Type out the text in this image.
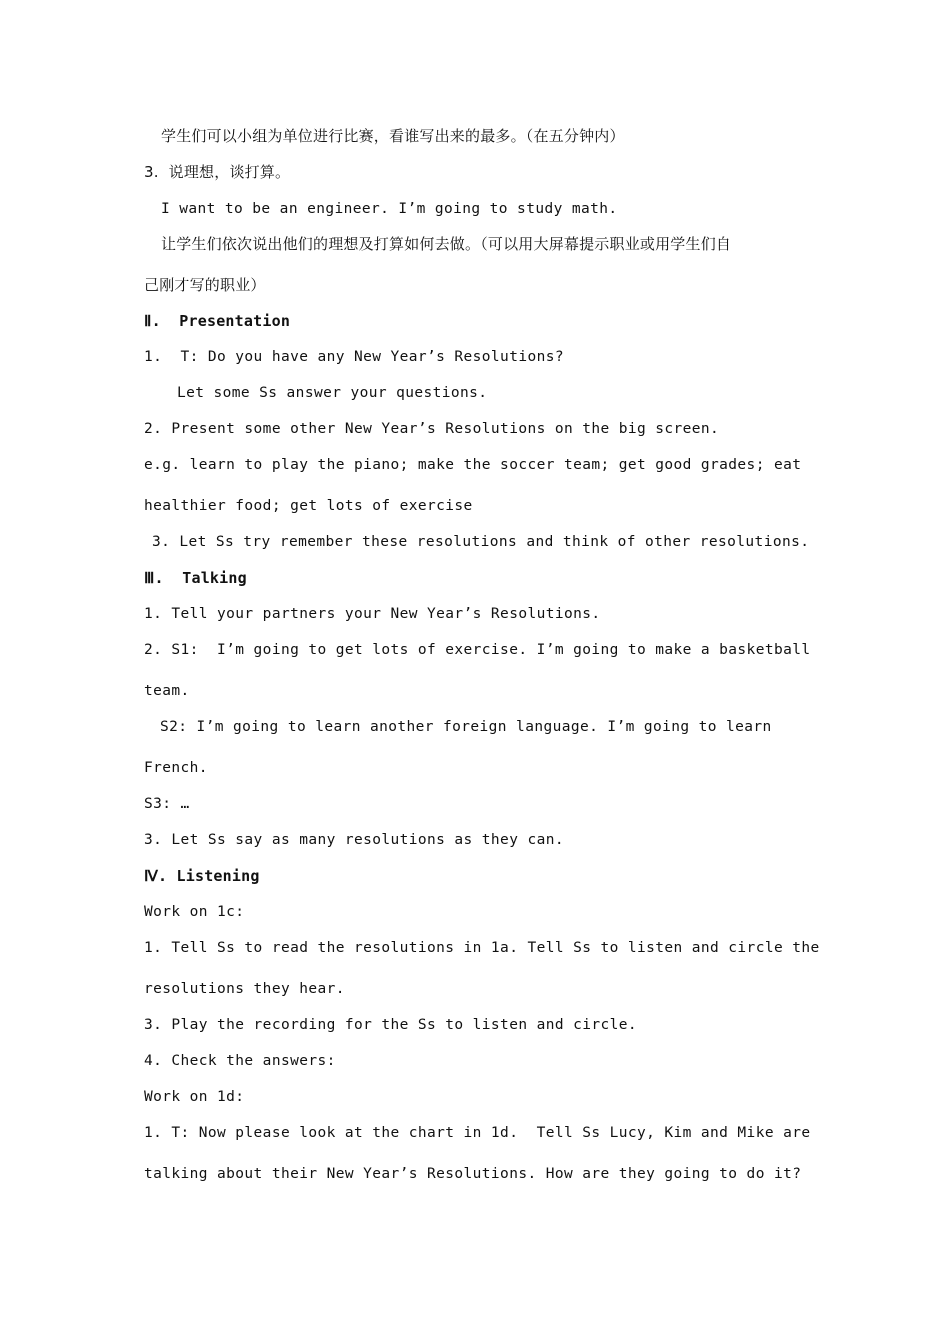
学生们可以小组为单位进行比赛，看谁写出来的最多。（在五分钟内）
3.  说理想，谈打算。
I want to be an engineer. I’m going to study math.
让学生们依次说出他们的理想及打算如何去做。（可以用大屏幕提示职业或用学生们自
己刚才写的职业）
Ⅱ.  Presentation
1.  T: Do you have any New Year’s Resolutions?
Let some Ss answer your questions.
2. Present some other New Year’s Resolutions on the big screen.
e.g. learn to play the piano; make the soccer team; get good grades; eat
healthier food; get lots of exercise
3. Let Ss try remember these resolutions and think of other resolutions.
Ⅲ.  Talking
1. Tell your partners your New Year’s Resolutions.
2. S1:  I’m going to get lots of exercise. I’m going to make a basketball
team.
S2: I’m going to learn another foreign language. I’m going to learn
French.
S3: …
3. Let Ss say as many resolutions as they can.
Ⅳ. Listening
Work on 1c:
1. Tell Ss to read the resolutions in 1a. Tell Ss to listen and circle the
resolutions they hear.
3. Play the recording for the Ss to listen and circle.
4. Check the answers:
Work on 1d:
1. T: Now please look at the chart in 1d.  Tell Ss Lucy, Kim and Mike are
talking about their New Year’s Resolutions. How are they going to do it?
